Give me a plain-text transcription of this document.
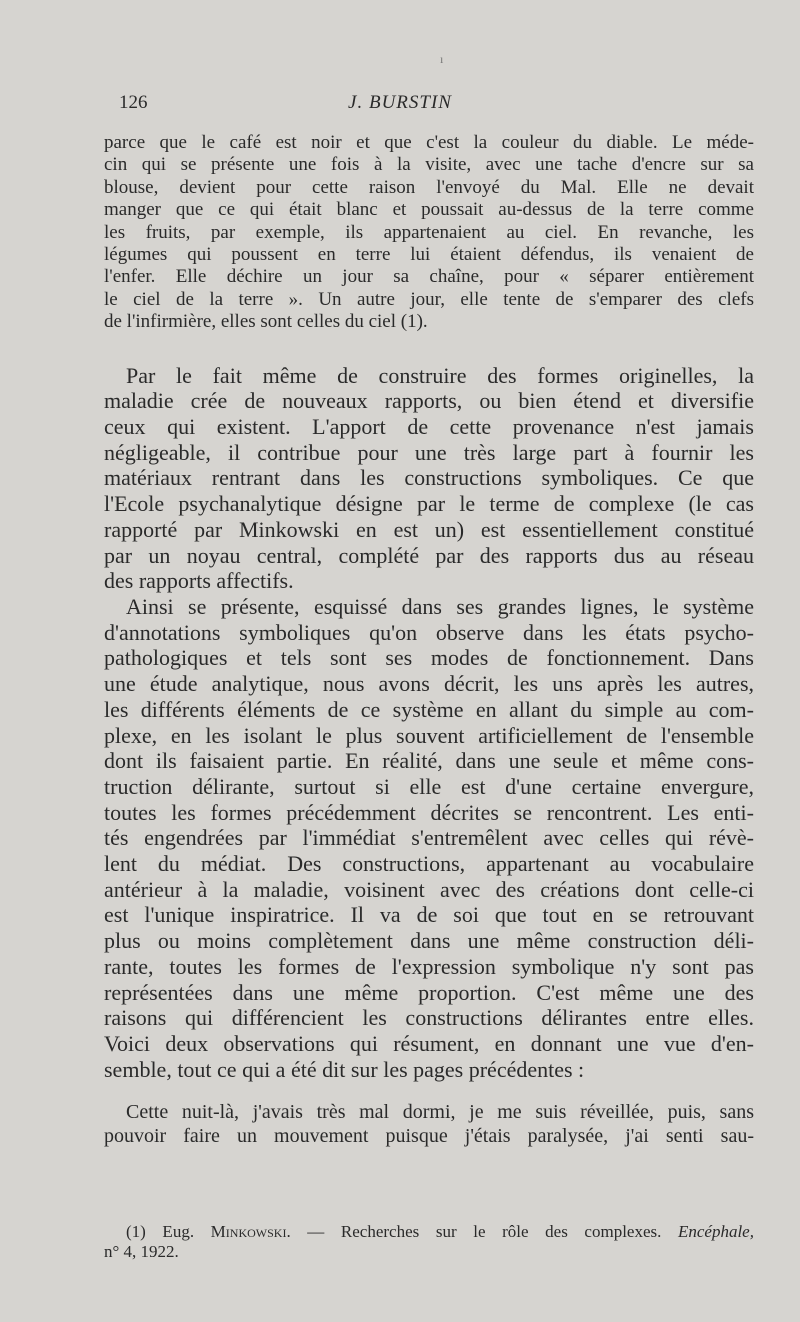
ı
126	J. BURSTIN
parce que le café est noir et que c'est la couleur du diable. Le méde-
cin qui se présente une fois à la visite, avec une tache d'encre sur sa
blouse, devient pour cette raison l'envoyé du Mal. Elle ne devait
manger que ce qui était blanc et poussait au-dessus de la terre comme
les fruits, par exemple, ils appartenaient au ciel. En revanche, les
légumes qui poussent en terre lui étaient défendus, ils venaient de
l'enfer. Elle déchire un jour sa chaîne, pour « séparer entièrement
le ciel de la terre ». Un autre jour, elle tente de s'emparer des clefs
de l'infirmière, elles sont celles du ciel (1).
Par le fait même de construire des formes originelles, la
maladie crée de nouveaux rapports, ou bien étend et diversifie
ceux qui existent. L'apport de cette provenance n'est jamais
négligeable, il contribue pour une très large part à fournir les
matériaux rentrant dans les constructions symboliques. Ce que
l'Ecole psychanalytique désigne par le terme de complexe (le cas
rapporté par Minkowski en est un) est essentiellement constitué
par un noyau central, complété par des rapports dus au réseau
des rapports affectifs.
Ainsi se présente, esquissé dans ses grandes lignes, le système
d'annotations symboliques qu'on observe dans les états psycho-
pathologiques et tels sont ses modes de fonctionnement. Dans
une étude analytique, nous avons décrit, les uns après les autres,
les différents éléments de ce système en allant du simple au com-
plexe, en les isolant le plus souvent artificiellement de l'ensemble
dont ils faisaient partie. En réalité, dans une seule et même cons-
truction délirante, surtout si elle est d'une certaine envergure,
toutes les formes précédemment décrites se rencontrent. Les enti-
tés engendrées par l'immédiat s'entremêlent avec celles qui révè-
lent du médiat. Des constructions, appartenant au vocabulaire
antérieur à la maladie, voisinent avec des créations dont celle-ci
est l'unique inspiratrice. Il va de soi que tout en se retrouvant
plus ou moins complètement dans une même construction déli-
rante, toutes les formes de l'expression symbolique n'y sont pas
représentées dans une même proportion. C'est même une des
raisons qui différencient les constructions délirantes entre elles.
Voici deux observations qui résument, en donnant une vue d'en-
semble, tout ce qui a été dit sur les pages précédentes :
Cette nuit-là, j'avais très mal dormi, je me suis réveillée, puis, sans
pouvoir faire un mouvement puisque j'étais paralysée, j'ai senti sau-
(1) Eug. Minkowski. — Recherches sur le rôle des complexes. Encéphale,
n° 4, 1922.
